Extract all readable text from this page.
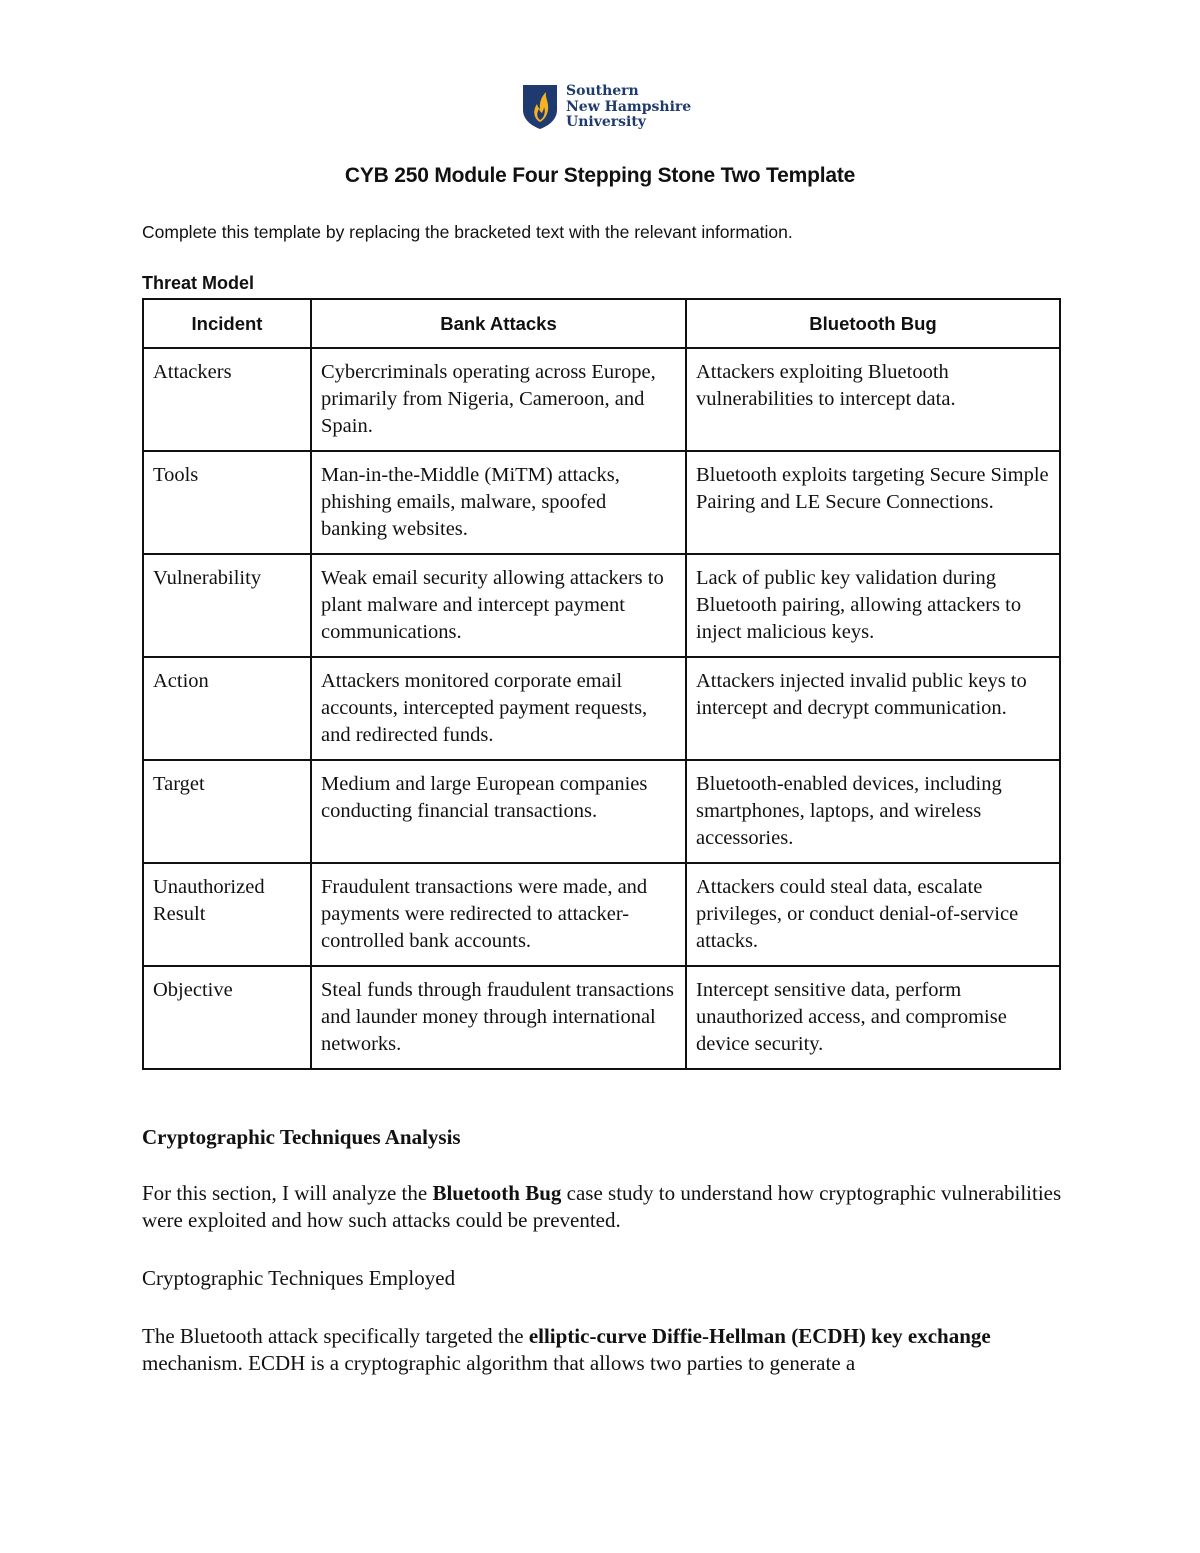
Southern
New Hampshire
University
CYB 250 Module Four Stepping Stone Two Template
Complete this template by replacing the bracketed text with the relevant information.
Threat Model
Incident	Bank Attacks	Bluetooth Bug
Attackers	Cybercriminals operating across Europe, primarily from Nigeria, Cameroon, and Spain.	Attackers exploiting Bluetooth vulnerabilities to intercept data.
Tools	Man-in-the-Middle (MiTM) attacks, phishing emails, malware, spoofed banking websites.	Bluetooth exploits targeting Secure Simple Pairing and LE Secure Connections.
Vulnerability	Weak email security allowing attackers to plant malware and intercept payment communications.	Lack of public key validation during Bluetooth pairing, allowing attackers to inject malicious keys.
Action	Attackers monitored corporate email accounts, intercepted payment requests, and redirected funds.	Attackers injected invalid public keys to intercept and decrypt communication.
Target	Medium and large European companies conducting financial transactions.	Bluetooth-enabled devices, including smartphones, laptops, and wireless accessories.
Unauthorized Result	Fraudulent transactions were made, and payments were redirected to attacker-controlled bank accounts.	Attackers could steal data, escalate privileges, or conduct denial-of-service attacks.
Objective	Steal funds through fraudulent transactions and launder money through international networks.	Intercept sensitive data, perform unauthorized access, and compromise device security.
Cryptographic Techniques Analysis
For this section, I will analyze the Bluetooth Bug case study to understand how cryptographic vulnerabilities were exploited and how such attacks could be prevented.
Cryptographic Techniques Employed
The Bluetooth attack specifically targeted the elliptic-curve Diffie-Hellman (ECDH) key exchange mechanism. ECDH is a cryptographic algorithm that allows two parties to generate a
